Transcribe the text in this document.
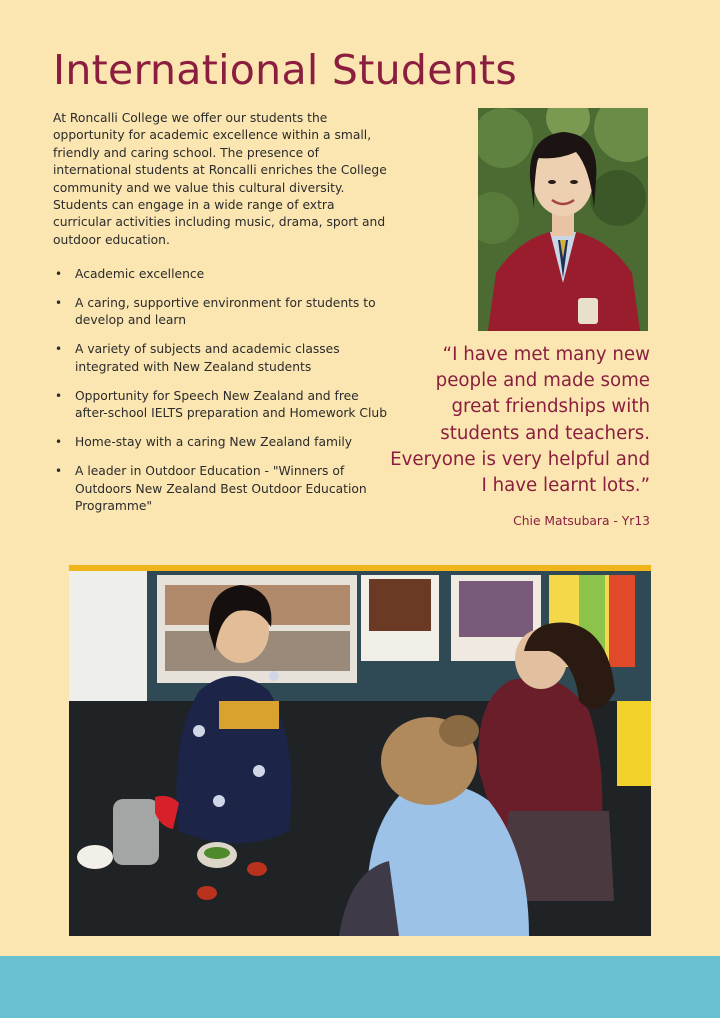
International Students

At Roncalli College we offer our students the opportunity for academic excellence within a small, friendly and caring school. The presence of international students at Roncalli enriches the College community and we value this cultural diversity. Students can engage in a wide range of extra curricular activities including music, drama, sport and outdoor education.

• Academic excellence
• A caring, supportive environment for students to develop and learn
• A variety of subjects and academic classes integrated with New Zealand students
• Opportunity for Speech New Zealand and free after-school IELTS preparation and Homework Club
• Home-stay with a caring New Zealand family
• A leader in Outdoor Education - "Winners of Outdoors New Zealand Best Outdoor Education Programme"

“I have met many new people and made some great friendships with students and teachers. Everyone is very helpful and I have learnt lots.”

Chie Matsubara - Yr13
